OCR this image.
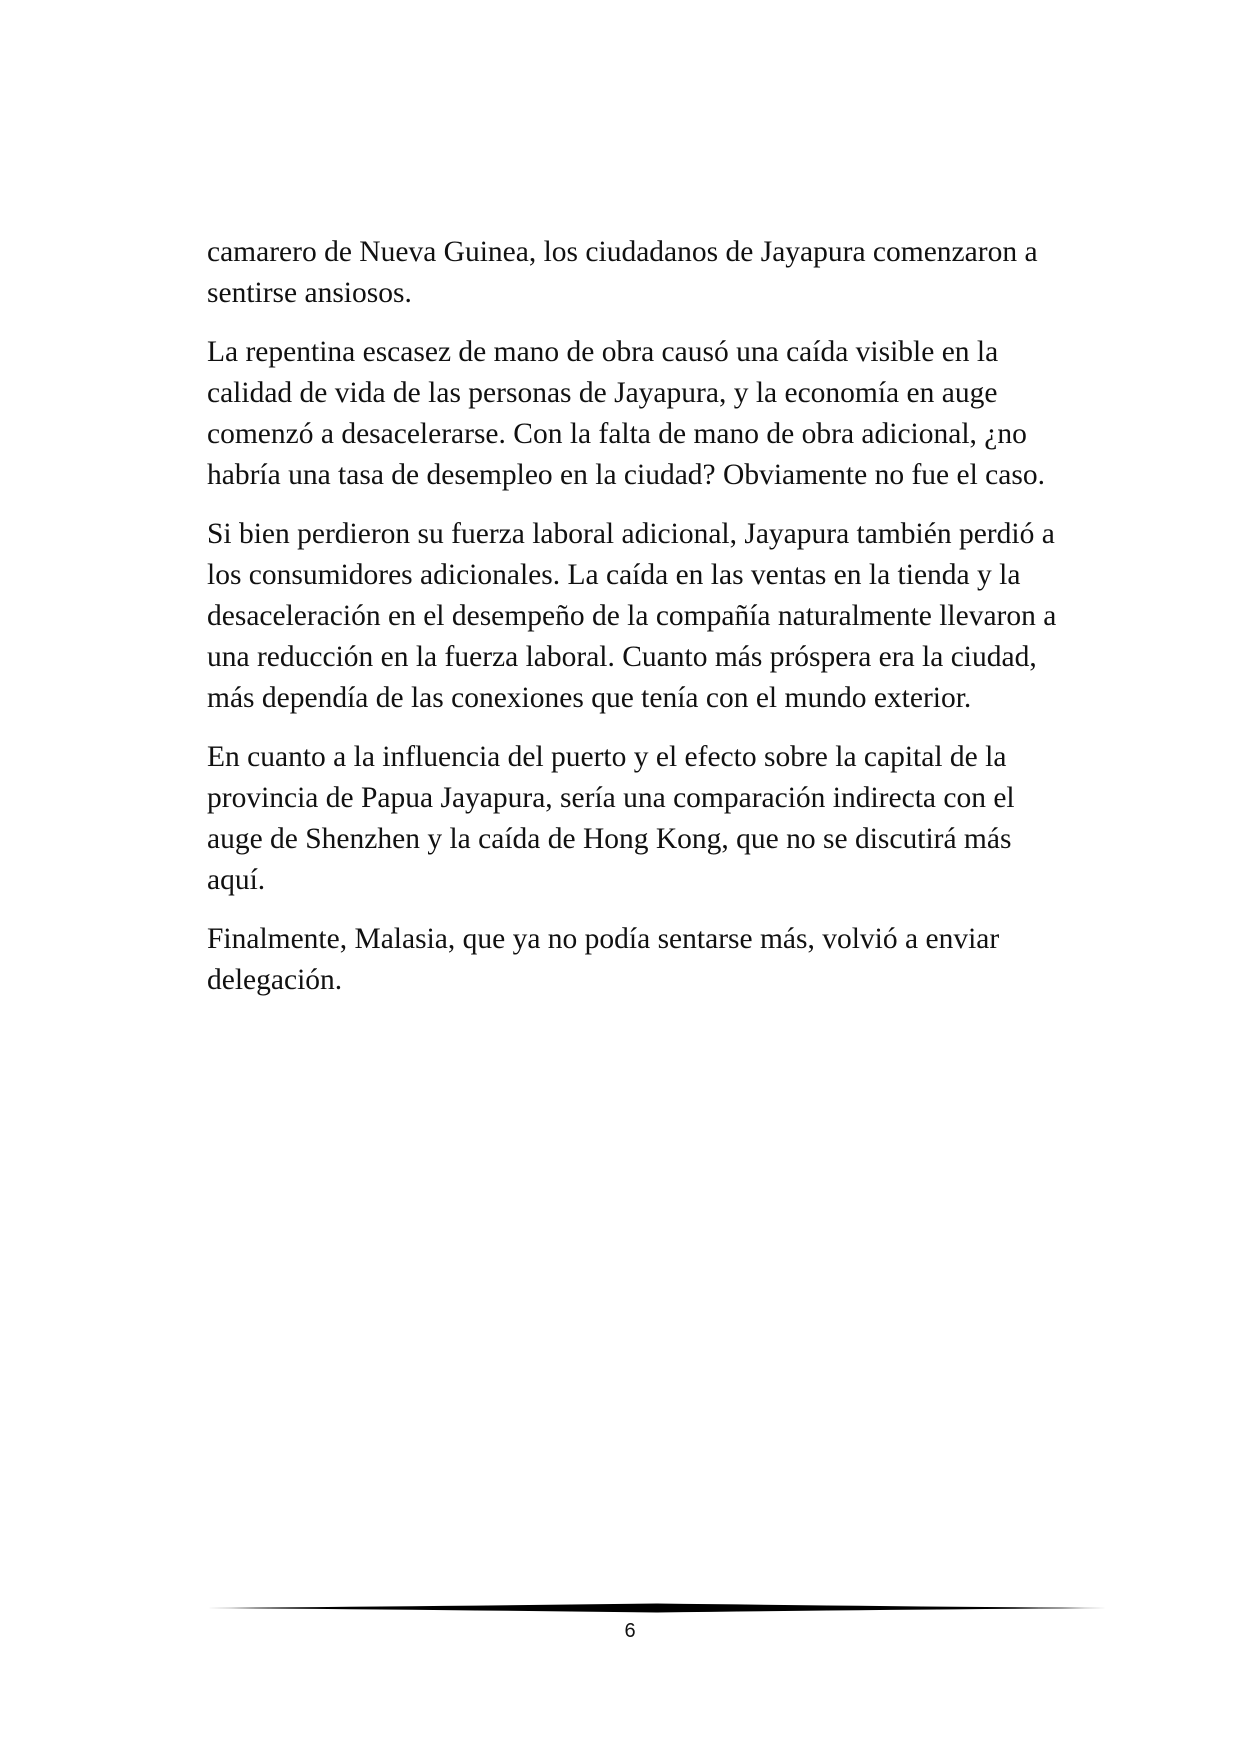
camarero de Nueva Guinea, los ciudadanos de Jayapura comenzaron a sentirse ansiosos.

La repentina escasez de mano de obra causó una caída visible en la calidad de vida de las personas de Jayapura, y la economía en auge comenzó a desacelerarse. Con la falta de mano de obra adicional, ¿no habría una tasa de desempleo en la ciudad? Obviamente no fue el caso.

Si bien perdieron su fuerza laboral adicional, Jayapura también perdió a los consumidores adicionales. La caída en las ventas en la tienda y la desaceleración en el desempeño de la compañía naturalmente llevaron a una reducción en la fuerza laboral. Cuanto más próspera era la ciudad, más dependía de las conexiones que tenía con el mundo exterior.

En cuanto a la influencia del puerto y el efecto sobre la capital de la provincia de Papua Jayapura, sería una comparación indirecta con el auge de Shenzhen y la caída de Hong Kong, que no se discutirá más aquí.

Finalmente, Malasia, que ya no podía sentarse más, volvió a enviar delegación.

6
